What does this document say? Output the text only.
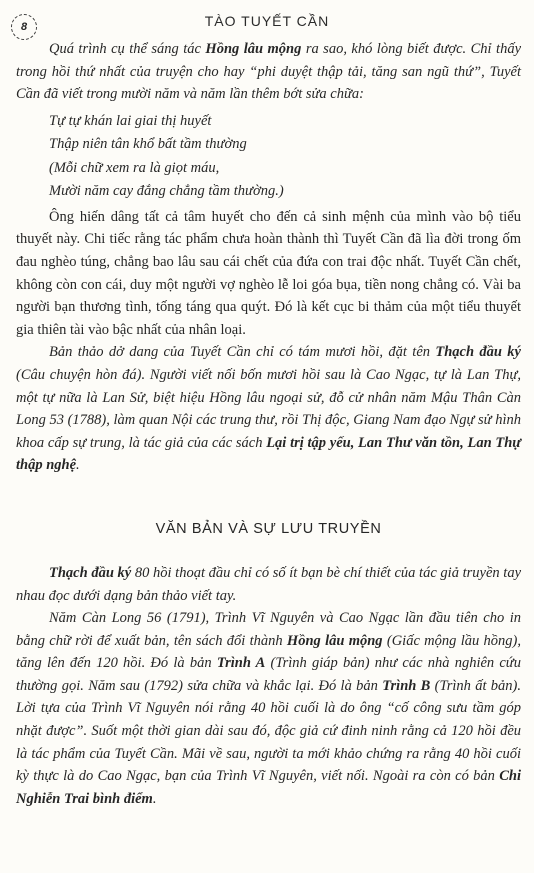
8	TÀO TUYẾT CẦN

Quá trình cụ thể sáng tác Hồng lâu mộng ra sao, khó lòng biết được. Chỉ thấy trong hồi thứ nhất của truyện cho hay “phi duyệt thập tải, tăng san ngũ thứ”, Tuyết Cần đã viết trong mười năm và năm lần thêm bớt sửa chữa:

Tự tự khán lai giai thị huyết
Thập niên tân khổ bất tầm thường
(Mỗi chữ xem ra là giọt máu,
Mười năm cay đắng chẳng tầm thường.)

Ông hiến dâng tất cả tâm huyết cho đến cả sinh mệnh của mình vào bộ tiểu thuyết này. Chi tiếc rằng tác phẩm chưa hoàn thành thì Tuyết Cần đã lìa đời trong ốm đau nghèo túng, chẳng bao lâu sau cái chết của đứa con trai độc nhất. Tuyết Cần chết, không còn con cái, duy một người vợ nghèo lễ loi góa bụa, tiền nong chẳng có. Vài ba người bạn thương tình, tống táng qua quýt. Đó là kết cục bi thảm của một tiểu thuyết gia thiên tài vào bậc nhất của nhân loại.

Bản thảo dở dang của Tuyết Cần chỉ có tám mươi hồi, đặt tên Thạch đầu ký (Câu chuyện hòn đá). Người viết nối bốn mươi hồi sau là Cao Ngạc, tự là Lan Thự, một tự nữa là Lan Sử, biệt hiệu Hồng lâu ngoại sử, đỗ cử nhân năm Mậu Thân Càn Long 53 (1788), làm quan Nội các trung thư, rồi Thị độc, Giang Nam đạo Ngự sử hình khoa cấp sự trung, là tác giả của các sách Lại trị tập yếu, Lan Thư văn tồn, Lan Thự thập nghệ.

VĂN BẢN VÀ SỰ LƯU TRUYỀN

Thạch đầu ký 80 hồi thoạt đầu chỉ có số ít bạn bè chí thiết của tác giả truyền tay nhau đọc dưới dạng bản thảo viết tay.

Năm Càn Long 56 (1791), Trình Vĩ Nguyên và Cao Ngạc lần đầu tiên cho in bằng chữ rời để xuất bản, tên sách đổi thành Hồng lâu mộng (Giấc mộng lầu hồng), tăng lên đến 120 hồi. Đó là bản Trình A (Trình giáp bản) như các nhà nghiên cứu thường gọi. Năm sau (1792) sửa chữa và khắc lại. Đó là bản Trình B (Trình ất bản). Lời tựa của Trình Vĩ Nguyên nói rằng 40 hồi cuối là do ông “cố công sưu tầm góp nhặt được”. Suốt một thời gian dài sau đó, độc giả cứ đinh ninh rằng cả 120 hồi đều là tác phẩm của Tuyết Cần. Mãi về sau, người ta mới khảo chứng ra rằng 40 hồi cuối kỳ thực là do Cao Ngạc, bạn của Trình Vĩ Nguyên, viết nối. Ngoài ra còn có bản Chi Nghiễn Trai bình điểm.
